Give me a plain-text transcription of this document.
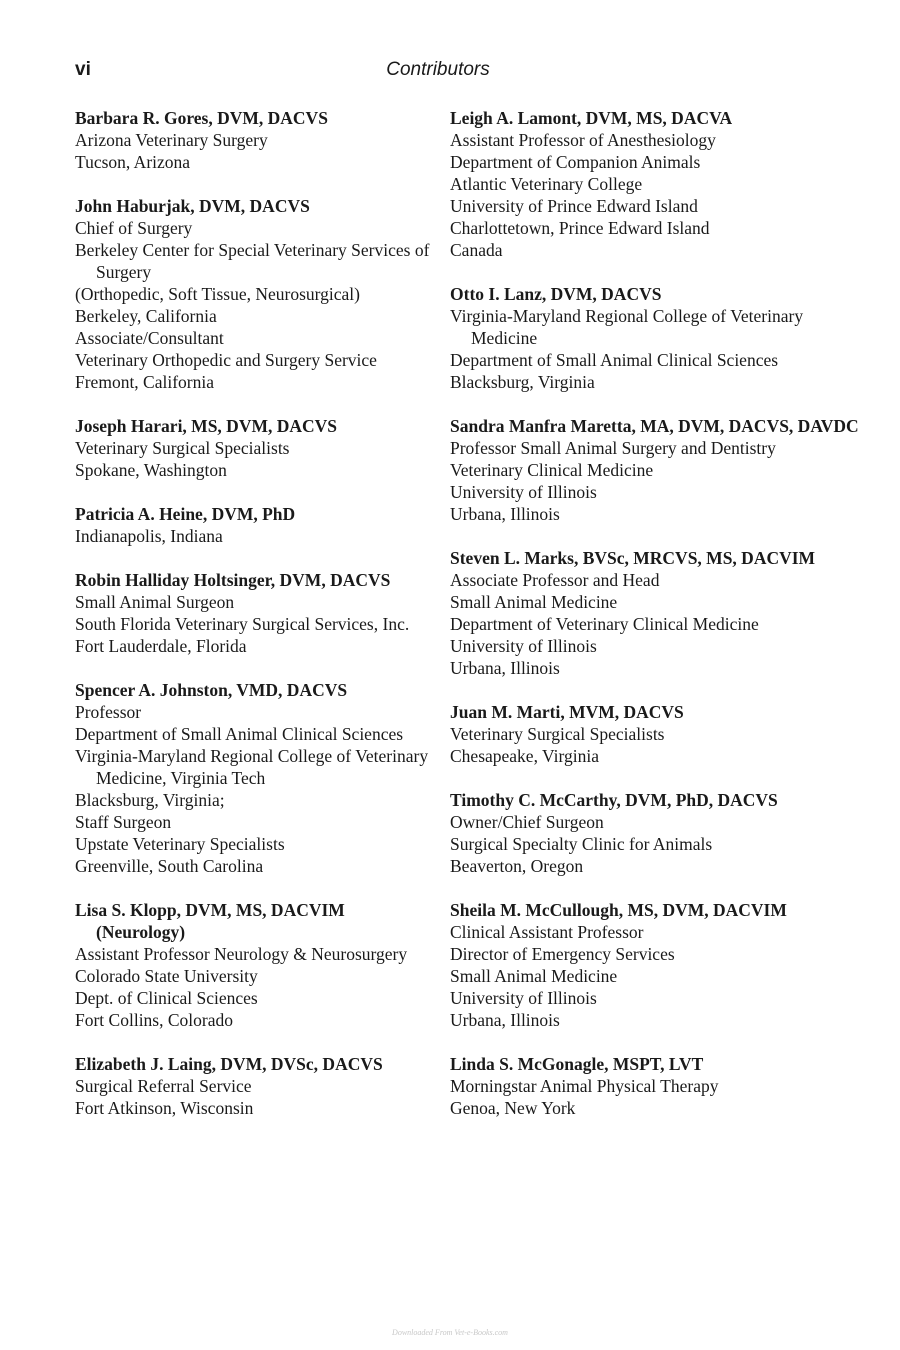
vi	Contributors
Barbara R. Gores, DVM, DACVS
Arizona Veterinary Surgery
Tucson, Arizona
John Haburjak, DVM, DACVS
Chief of Surgery
Berkeley Center for Special Veterinary Services of Surgery
(Orthopedic, Soft Tissue, Neurosurgical)
Berkeley, California
Associate/Consultant
Veterinary Orthopedic and Surgery Service
Fremont, California
Joseph Harari, MS, DVM, DACVS
Veterinary Surgical Specialists
Spokane, Washington
Patricia A. Heine, DVM, PhD
Indianapolis, Indiana
Robin Halliday Holtsinger, DVM, DACVS
Small Animal Surgeon
South Florida Veterinary Surgical Services, Inc.
Fort Lauderdale, Florida
Spencer A. Johnston, VMD, DACVS
Professor
Department of Small Animal Clinical Sciences
Virginia-Maryland Regional College of Veterinary Medicine, Virginia Tech
Blacksburg, Virginia;
Staff Surgeon
Upstate Veterinary Specialists
Greenville, South Carolina
Lisa S. Klopp, DVM, MS, DACVIM (Neurology)
Assistant Professor Neurology & Neurosurgery
Colorado State University
Dept. of Clinical Sciences
Fort Collins, Colorado
Elizabeth J. Laing, DVM, DVSc, DACVS
Surgical Referral Service
Fort Atkinson, Wisconsin
Leigh A. Lamont, DVM, MS, DACVA
Assistant Professor of Anesthesiology
Department of Companion Animals
Atlantic Veterinary College
University of Prince Edward Island
Charlottetown, Prince Edward Island
Canada
Otto I. Lanz, DVM, DACVS
Virginia-Maryland Regional College of Veterinary Medicine
Department of Small Animal Clinical Sciences
Blacksburg, Virginia
Sandra Manfra Maretta, MA, DVM, DACVS, DAVDC
Professor Small Animal Surgery and Dentistry
Veterinary Clinical Medicine
University of Illinois
Urbana, Illinois
Steven L. Marks, BVSc, MRCVS, MS, DACVIM
Associate Professor and Head
Small Animal Medicine
Department of Veterinary Clinical Medicine
University of Illinois
Urbana, Illinois
Juan M. Marti, MVM, DACVS
Veterinary Surgical Specialists
Chesapeake, Virginia
Timothy C. McCarthy, DVM, PhD, DACVS
Owner/Chief Surgeon
Surgical Specialty Clinic for Animals
Beaverton, Oregon
Sheila M. McCullough, MS, DVM, DACVIM
Clinical Assistant Professor
Director of Emergency Services
Small Animal Medicine
University of Illinois
Urbana, Illinois
Linda S. McGonagle, MSPT, LVT
Morningstar Animal Physical Therapy
Genoa, New York
Downloaded From Vet-e-Books.com
